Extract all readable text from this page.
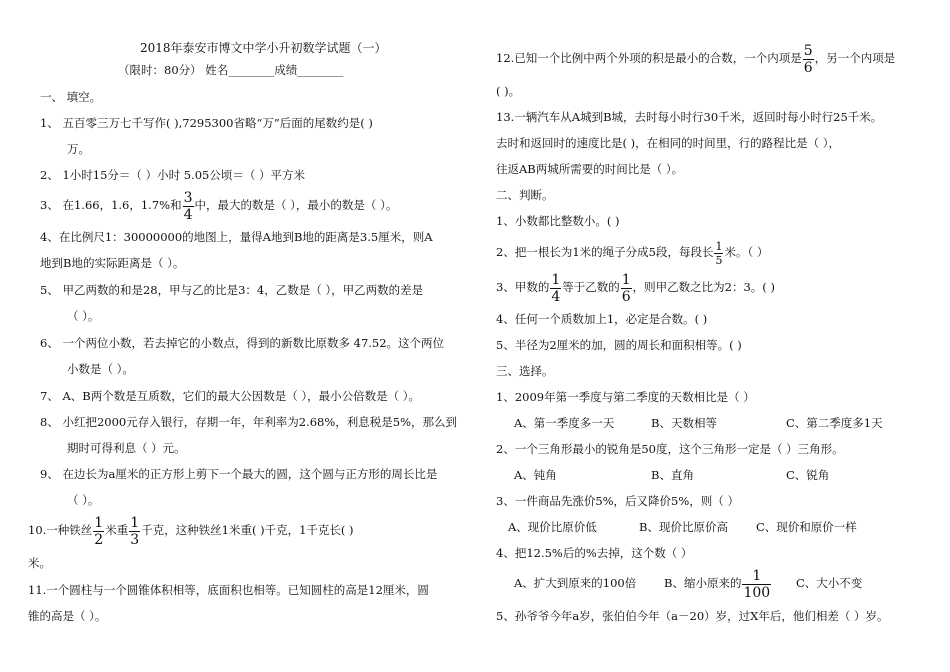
2018年泰安市博文中学小升初数学试题（一）
（限时：80分） 姓名________成绩________
一、 填空。
1、 五百零三万七千写作( ),7295300省略“万”后面的尾数约是( )
万。
2、 1小时15分＝（ ）小时 5.05公顷＝（ ）平方米
3、 在1.66，1.6，1.7%和 $\frac{3}{4}$ 中，最大的数是（ ），最小的数是（ ）。
4、在比例尺1：30000000的地图上，量得A地到B地的距离是3.5厘米，则A
地到B地的实际距离是（ ）。
5、 甲乙两数的和是28，甲与乙的比是3：4，乙数是（ ），甲乙两数的差是
（ ）。
6、 一个两位小数，若去掉它的小数点，得到的新数比原数多 47.52。这个两位
小数是（ ）。
7、 A、B两个数是互质数，它们的最大公因数是（ ），最小公倍数是（ ）。
8、 小红把2000元存入银行，存期一年，年利率为2.68%，利息税是5%，那么到
期时可得利息（ ）元。
9、 在边长为a厘米的正方形上剪下一个最大的圆，这个圆与正方形的周长比是
（ ）。
10.一种铁丝 $\frac{1}{2}$ 米重 $\frac{1}{3}$ 千克，这种铁丝1米重( )千克，1千克长( )
米。
11.一个圆柱与一个圆锥体积相等，底面积也相等。已知圆柱的高是12厘米，圆
锥的高是（ ）。
12.已知一个比例中两个外项的积是最小的合数，一个内项是 $\frac{5}{6}$ ，另一个内项是
( )。
13.一辆汽车从A城到B城，去时每小时行30千米，返回时每小时行25千米。
去时和返回时的速度比是( )，在相同的时间里，行的路程比是（ ），
往返AB两城所需要的时间比是（ ）。
二、判断。
1、小数都比整数小。( )
2、把一根长为1米的绳子分成5段，每段长 $\frac{1}{5}$ 米。（ ）
3、甲数的 $\frac{1}{4}$ 等于乙数的 $\frac{1}{6}$ ，则甲乙数之比为2：3。( )
4、任何一个质数加上1，必定是合数。( )
5、半径为2厘米的加，圆的周长和面积相等。( )
三、选择。
1、2009年第一季度与第二季度的天数相比是（ ）
A、第一季度多一天	B、天数相等	C、第二季度多1天
2、一个三角形最小的锐角是50度，这个三角形一定是（ ）三角形。
A、钝角	B、直角	C、锐角
3、一件商品先涨价5%，后又降价5%，则（ ）
A、现价比原价低	B、现价比原价高 C、现价和原价一样
4、把12.5%后的%去掉，这个数（ ）
A、扩大到原来的100倍 B、缩小原来的 $\frac{1}{100}$ C、大小不变
5、孙爷爷今年a岁，张伯伯今年（a－20）岁，过X年后，他们相差（ ）岁。
